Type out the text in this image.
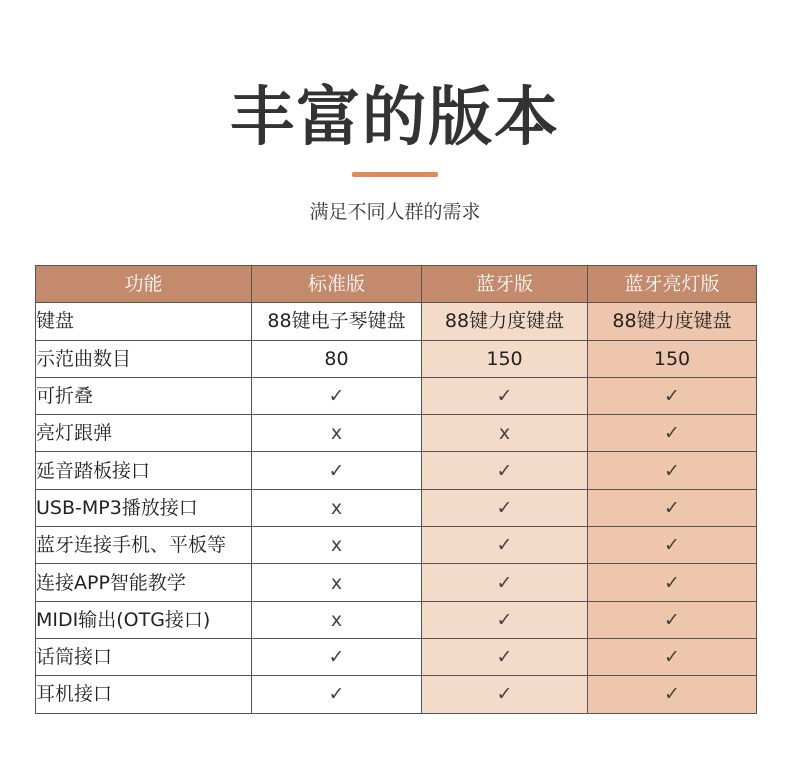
丰富的版本
满足不同人群的需求
功能	标准版	蓝牙版	蓝牙亮灯版
键盘	88键电子琴键盘	88键力度键盘	88键力度键盘
示范曲数目	80	150	150
可折叠	✓	✓	✓
亮灯跟弹	x	x	✓
延音踏板接口	✓	✓	✓
USB-MP3播放接口	x	✓	✓
蓝牙连接手机、平板等	x	✓	✓
连接APP智能教学	x	✓	✓
MIDI输出(OTG接口)	x	✓	✓
话筒接口	✓	✓	✓
耳机接口	✓	✓	✓
